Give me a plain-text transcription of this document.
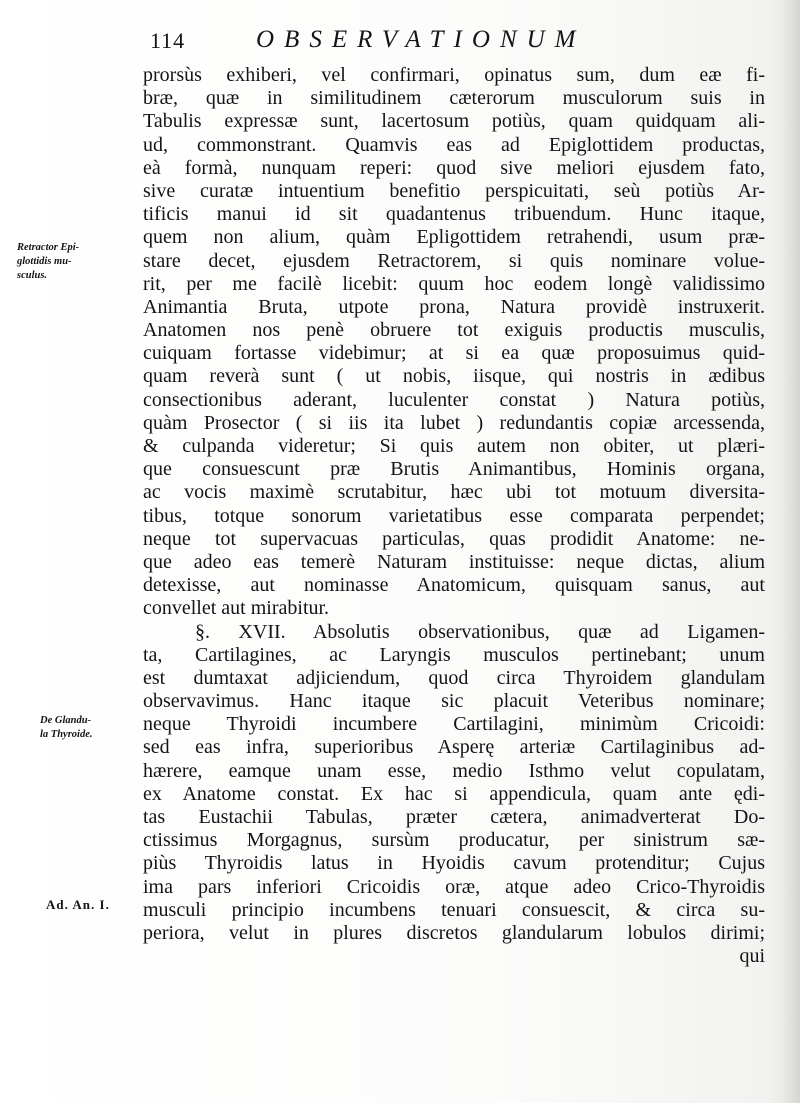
114	OBSERVATIONUM
Retractor Epi-
glottidis mu-
sculus.
De Glandu-
la Thyroide.
Ad. An. I.
prorsùs exhiberi, vel confirmari, opinatus sum, dum eæ fi-
bræ, quæ in similitudinem cæterorum musculorum suis in
Tabulis expressæ sunt, lacertosum potiùs, quam quidquam ali-
ud, commonstrant. Quamvis eas ad Epiglottidem productas,
eà formà, nunquam reperi: quod sive meliori ejusdem fato,
sive curatæ intuentium benefitio perspicuitati, seù potiùs Ar-
tificis manui id sit quadantenus tribuendum. Hunc itaque,
quem non alium, quàm Epligottidem retrahendi, usum præ-
stare decet, ejusdem Retractorem, si quis nominare volue-
rit, per me facilè licebit: quum hoc eodem longè validissimo
Animantia Bruta, utpote prona, Natura providè instruxerit.
Anatomen nos penè obruere tot exiguis productis musculis,
cuiquam fortasse videbimur; at si ea quæ proposuimus quid-
quam reverà sunt ( ut nobis, iisque, qui nostris in ædibus
consectionibus aderant, luculenter constat ) Natura potiùs,
quàm Prosector ( si iis ita lubet ) redundantis copiæ arcessenda,
& culpanda videretur; Si quis autem non obiter, ut plæri-
que consuescunt præ Brutis Animantibus, Hominis organa,
ac vocis maximè scrutabitur, hæc ubi tot motuum diversita-
tibus, totque sonorum varietatibus esse comparata perpendet;
neque tot supervacuas particulas, quas prodidit Anatome: ne-
que adeo eas temerè Naturam instituisse: neque dictas, alium
detexisse, aut nominasse Anatomicum, quisquam sanus, aut
convellet aut mirabitur.
§. XVII. Absolutis observationibus, quæ ad Ligamen-
ta, Cartilagines, ac Laryngis musculos pertinebant; unum
est dumtaxat adjiciendum, quod circa Thyroidem glandulam
observavimus. Hanc itaque sic placuit Veteribus nominare;
neque Thyroidi incumbere Cartilagini, minimùm Cricoidi:
sed eas infra, superioribus Asperę arteriæ Cartilaginibus ad-
hærere, eamque unam esse, medio Isthmo velut copulatam,
ex Anatome constat. Ex hac si appendicula, quam ante ędi-
tas Eustachii Tabulas, præter cætera, animadverterat Do-
ctissimus Morgagnus, sursùm producatur, per sinistrum sæ-
piùs Thyroidis latus in Hyoidis cavum protenditur; Cujus
ima pars inferiori Cricoidis oræ, atque adeo Crico-Thyroidis
musculi principio incumbens tenuari consuescit, & circa su-
periora, velut in plures discretos glandularum lobulos dirimi;
qui
